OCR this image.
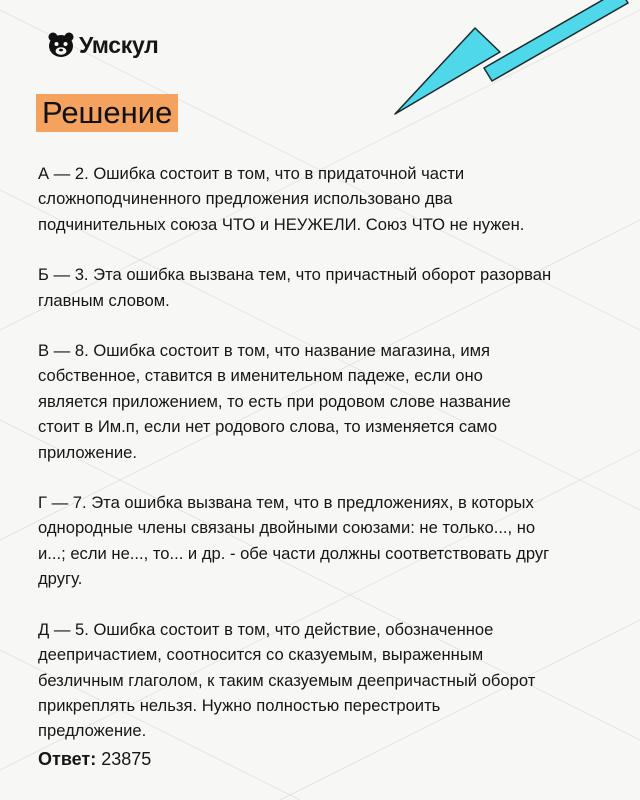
Умскул
Решение

А — 2. Ошибка состоит в том, что в придаточной части
сложноподчиненного предложения использовано два
подчинительных союза ЧТО и НЕУЖЕЛИ. Союз ЧТО не нужен.

Б — 3. Эта ошибка вызвана тем, что причастный оборот разорван
главным словом.

В — 8. Ошибка состоит в том, что название магазина, имя
собственное, ставится в именительном падеже, если оно
является приложением, то есть при родовом слове название
стоит в Им.п, если нет родового слова, то изменяется само
приложение.

Г — 7. Эта ошибка вызвана тем, что в предложениях, в которых
однородные члены связаны двойными союзами: не только..., но
и...; если не..., то... и др. - обе части должны соответствовать друг
другу.

Д — 5. Ошибка состоит в том, что действие, обозначенное
деепричастием, соотносится со сказуемым, выраженным
безличным глаголом, к таким сказуемым деепричастный оборот
прикреплять нельзя. Нужно полностью перестроить
предложение.

Ответ: 23875
